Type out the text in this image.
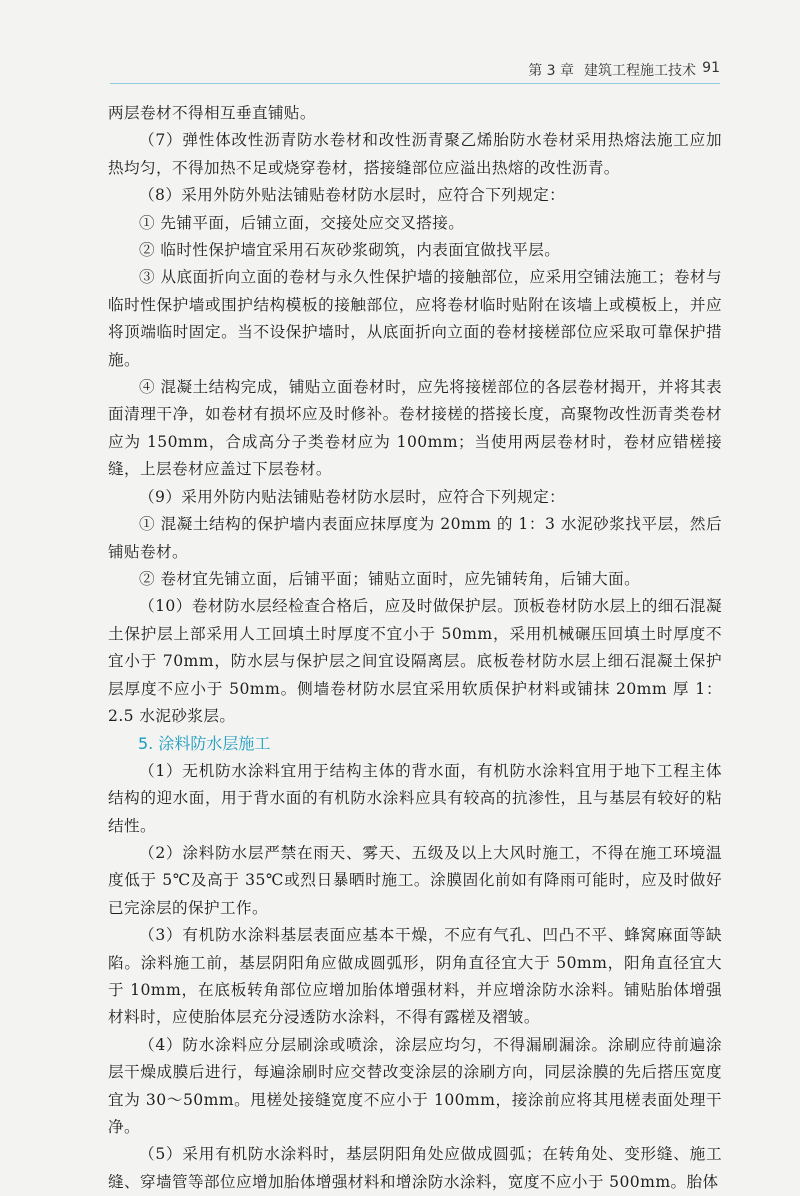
第 3 章 建筑工程施工技术 91

两层卷材不得相互垂直铺贴。

（7）弹性体改性沥青防水卷材和改性沥青聚乙烯胎防水卷材采用热熔法施工应加热均匀，不得加热不足或烧穿卷材，搭接缝部位应溢出热熔的改性沥青。

（8）采用外防外贴法铺贴卷材防水层时，应符合下列规定：

① 先铺平面，后铺立面，交接处应交叉搭接。

② 临时性保护墙宜采用石灰砂浆砌筑，内表面宜做找平层。

③ 从底面折向立面的卷材与永久性保护墙的接触部位，应采用空铺法施工；卷材与临时性保护墙或围护结构模板的接触部位，应将卷材临时贴附在该墙上或模板上，并应将顶端临时固定。当不设保护墙时，从底面折向立面的卷材接槎部位应采取可靠保护措施。

④ 混凝土结构完成，铺贴立面卷材时，应先将接槎部位的各层卷材揭开，并将其表面清理干净，如卷材有损坏应及时修补。卷材接槎的搭接长度，高聚物改性沥青类卷材应为 150mm，合成高分子类卷材应为 100mm；当使用两层卷材时，卷材应错槎接缝，上层卷材应盖过下层卷材。

（9）采用外防内贴法铺贴卷材防水层时，应符合下列规定：

① 混凝土结构的保护墙内表面应抹厚度为 20mm 的 1：3 水泥砂浆找平层，然后铺贴卷材。

② 卷材宜先铺立面，后铺平面；铺贴立面时，应先铺转角，后铺大面。

（10）卷材防水层经检查合格后，应及时做保护层。顶板卷材防水层上的细石混凝土保护层上部采用人工回填土时厚度不宜小于 50mm，采用机械碾压回填土时厚度不宜小于 70mm，防水层与保护层之间宜设隔离层。底板卷材防水层上细石混凝土保护层厚度不应小于 50mm。侧墙卷材防水层宜采用软质保护材料或铺抹 20mm 厚 1：2.5 水泥砂浆层。

5. 涂料防水层施工

（1）无机防水涂料宜用于结构主体的背水面，有机防水涂料宜用于地下工程主体结构的迎水面，用于背水面的有机防水涂料应具有较高的抗渗性，且与基层有较好的粘结性。

（2）涂料防水层严禁在雨天、雾天、五级及以上大风时施工，不得在施工环境温度低于 5℃及高于 35℃或烈日暴晒时施工。涂膜固化前如有降雨可能时，应及时做好已完涂层的保护工作。

（3）有机防水涂料基层表面应基本干燥，不应有气孔、凹凸不平、蜂窝麻面等缺陷。涂料施工前，基层阴阳角应做成圆弧形，阴角直径宜大于 50mm，阳角直径宜大于 10mm，在底板转角部位应增加胎体增强材料，并应增涂防水涂料。铺贴胎体增强材料时，应使胎体层充分浸透防水涂料，不得有露槎及褶皱。

（4）防水涂料应分层刷涂或喷涂，涂层应均匀，不得漏刷漏涂。涂刷应待前遍涂层干燥成膜后进行，每遍涂刷时应交替改变涂层的涂刷方向，同层涂膜的先后搭压宽度宜为 30～50mm。甩槎处接缝宽度不应小于 100mm，接涂前应将其甩槎表面处理干净。

（5）采用有机防水涂料时，基层阴阳角处应做成圆弧；在转角处、变形缝、施工缝、穿墙管等部位应增加胎体增强材料和增涂防水涂料，宽度不应小于 500mm。胎体
